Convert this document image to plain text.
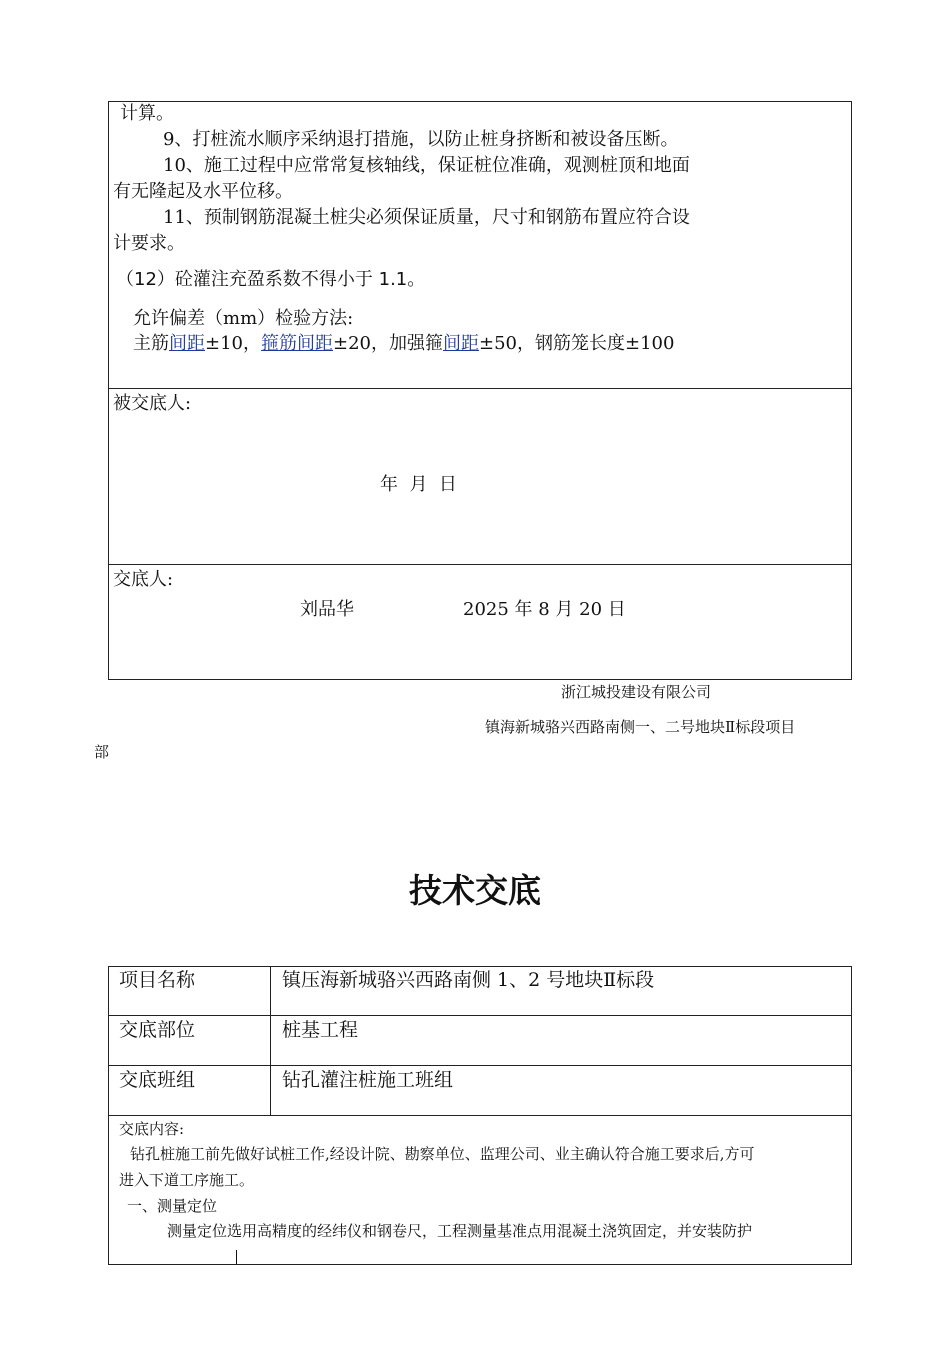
计算。
9、打桩流水顺序采纳退打措施，以防止桩身挤断和被设备压断。
10、施工过程中应常常复核轴线，保证桩位准确，观测桩顶和地面
有无隆起及水平位移。
11、预制钢筋混凝土桩尖必须保证质量，尺寸和钢筋布置应符合设
计要求。
（12）砼灌注充盈系数不得小于 1.1。
允许偏差（mm）检验方法:
主筋间距±10，箍筋间距±20，加强箍间距±50，钢筋笼长度±100
被交底人:
年  月  日
交底人:
刘品华	2025 年 8 月 20 日
浙江城投建设有限公司
镇海新城骆兴西路南侧一、二号地块Ⅱ标段项目
部
技术交底
项目名称	镇压海新城骆兴西路南侧 1、2 号地块Ⅱ标段
交底部位	桩基工程
交底班组	钻孔灌注桩施工班组
交底内容:
钻孔桩施工前先做好试桩工作,经设计院、勘察单位、监理公司、业主确认符合施工要求后,方可
进入下道工序施工。
一、测量定位
测量定位选用高精度的经纬仪和钢卷尺，工程测量基准点用混凝土浇筑固定，并安装防护
